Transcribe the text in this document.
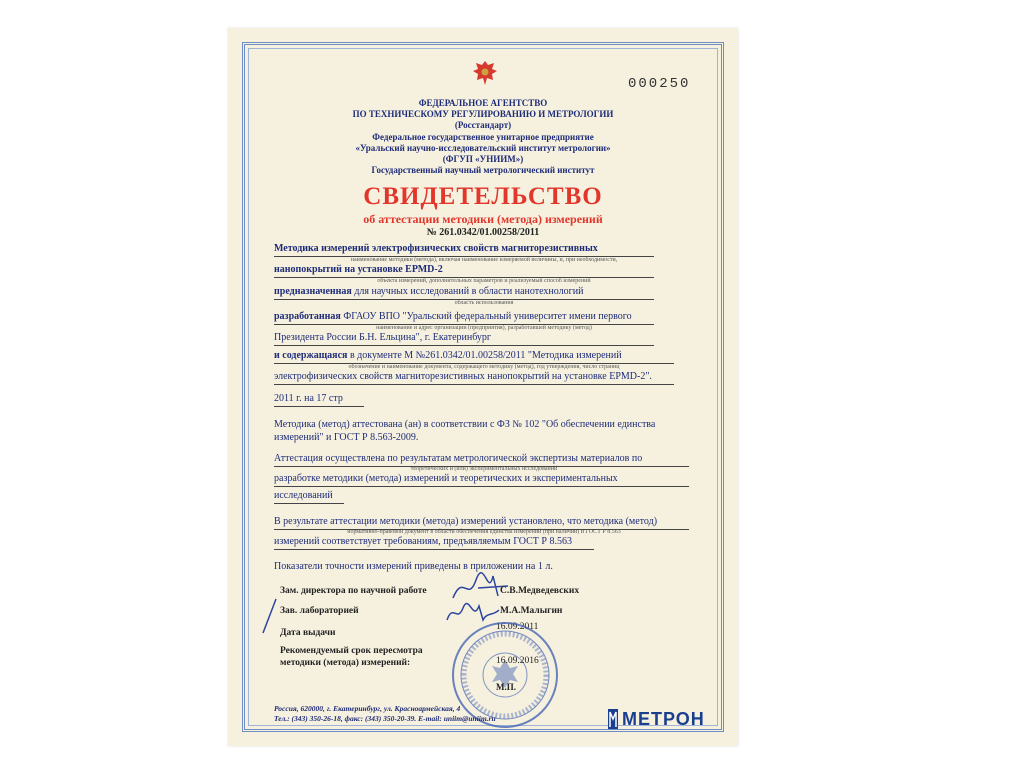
000250
ФЕДЕРАЛЬНОЕ АГЕНТСТВО
ПО ТЕХНИЧЕСКОМУ РЕГУЛИРОВАНИЮ И МЕТРОЛОГИИ
(Росстандарт)
Федеральное государственное унитарное предприятие
«Уральский научно-исследовательский институт метрологии»
(ФГУП «УНИИМ»)
Государственный научный метрологический институт
СВИДЕТЕЛЬСТВО
об аттестации методики (метода) измерений
№ 261.0342/01.00258/2011
Методика измерений электрофизических свойств магниторезистивных
наименование методики (метода), включая наименование измеряемой величины, и, при необходимости,
нанопокрытий на установке ЕРМD-2
объекта измерений, дополнительных параметров и реализуемый способ измерений
предназначенная для научных исследований в области нанотехнологий
область использования
разработанная ФГАОУ ВПО "Уральский федеральный университет имени первого
наименование и адрес организации (предприятия), разработавшей методику (метод)
Президента России Б.Н. Ельцина", г. Екатеринбург
и содержащаяся в документе М №261.0342/01.00258/2011 "Методика измерений
обозначение и наименование документа, содержащего методику (метод), год утверждения, число страниц
электрофизических свойств магниторезистивных нанопокрытий на установке ЕРМD-2".
2011 г. на 17 стр
Методика (метод) аттестована (ан) в соответствии с ФЗ № 102 "Об обеспечении единства измерений" и ГОСТ Р 8.563-2009.
Аттестация осуществлена по результатам метрологической экспертизы материалов по
теоретических и (или) экспериментальных исследований
разработке методики (метода) измерений и теоретических и экспериментальных
исследований
В результате аттестации методики (метода) измерений установлено, что методика (метод)
нормативно-правовой документ в области обеспечения единства измерений (при наличии) и ГОСТ Р 8.563
измерений соответствует требованиям, предъявляемым ГОСТ Р 8.563
Показатели точности измерений приведены в приложении на 1 л.
Зам. директора по научной работе	С.В.Медведевских
Зав. лабораторией	М.А.Малыгин
Дата выдачи
16.09.2011
Рекомендуемый срок пересмотра
методики (метода) измерений:	16.09.2016
М.П.
Россия, 620000, г. Екатеринбург, ул. Красноармейская, 4
Тел.: (343) 350-26-18, факс: (343) 350-20-39. E-mail: uniim@uniim.ru	МЕТРОН
